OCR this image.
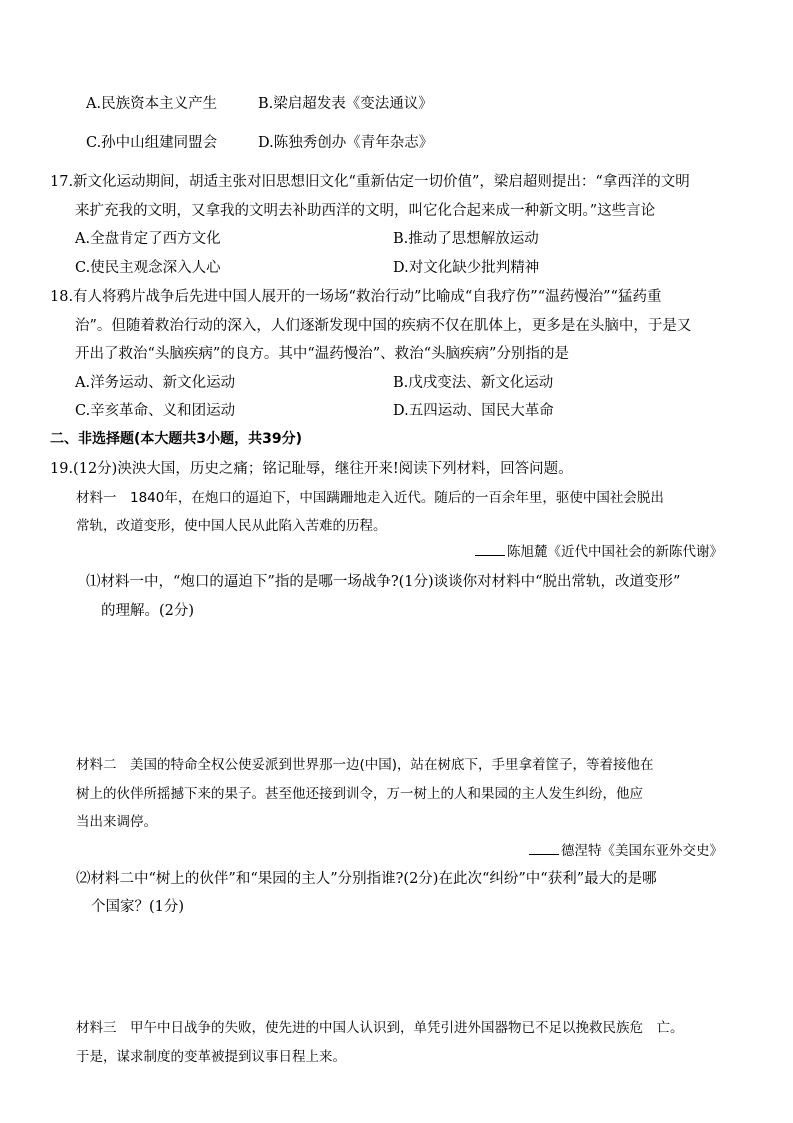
A.民族资本主义产生	B.梁启超发表《变法通议》
C.孙中山组建同盟会	D.陈独秀创办《青年杂志》
17.新文化运动期间，胡适主张对旧思想旧文化“重新估定一切价值”，梁启超则提出：“拿西洋的文明
来扩充我的文明，又拿我的文明去补助西洋的文明，叫它化合起来成一种新文明。”这些言论
A.全盘肯定了西方文化	B.推动了思想解放运动
C.使民主观念深入人心	D.对文化缺少批判精神
18.有人将鸦片战争后先进中国人展开的一场场“救治行动”比喻成“自我疗伤”“温药慢治”“猛药重
治”。但随着救治行动的深入，人们逐渐发现中国的疾病不仅在肌体上，更多是在头脑中，于是又
开出了救治“头脑疾病”的良方。其中“温药慢治”、救治“头脑疾病”分别指的是
A.洋务运动、新文化运动	B.戊戌变法、新文化运动
C.辛亥革命、义和团运动	D.五四运动、国民大革命
二、非选择题(本大题共3小题，共39分)
19.(12分)泱泱大国，历史之痛；铭记耻辱，继往开来!阅读下列材料，回答问题。
材料一　1840年，在炮口的逼迫下，中国蹒跚地走入近代。随后的一百余年里，驱使中国社会脱出
常轨，改道变形，使中国人民从此陷入苦难的历程。
陈旭麓《近代中国社会的新陈代谢》
⑴材料一中，“炮口的逼迫下”指的是哪一场战争?(1分)谈谈你对材料中“脱出常轨，改道变形”
的理解。(2分)
材料二　美国的特命全权公使妥派到世界那一边(中国)，站在树底下，手里拿着筐子，等着接他在
树上的伙伴所摇撼下来的果子。甚至他还接到训令，万一树上的人和果园的主人发生纠纷，他应
当出来调停。
德涅特《美国东亚外交史》
⑵材料二中“树上的伙伴”和“果园的主人”分别指谁?(2分)在此次“纠纷”中“获利”最大的是哪
个国家？(1分)
材料三　甲午中日战争的失败，使先进的中国人认识到，单凭引进外国器物已不足以挽救民族危　亡。
于是，谋求制度的变革被提到议事日程上来。
